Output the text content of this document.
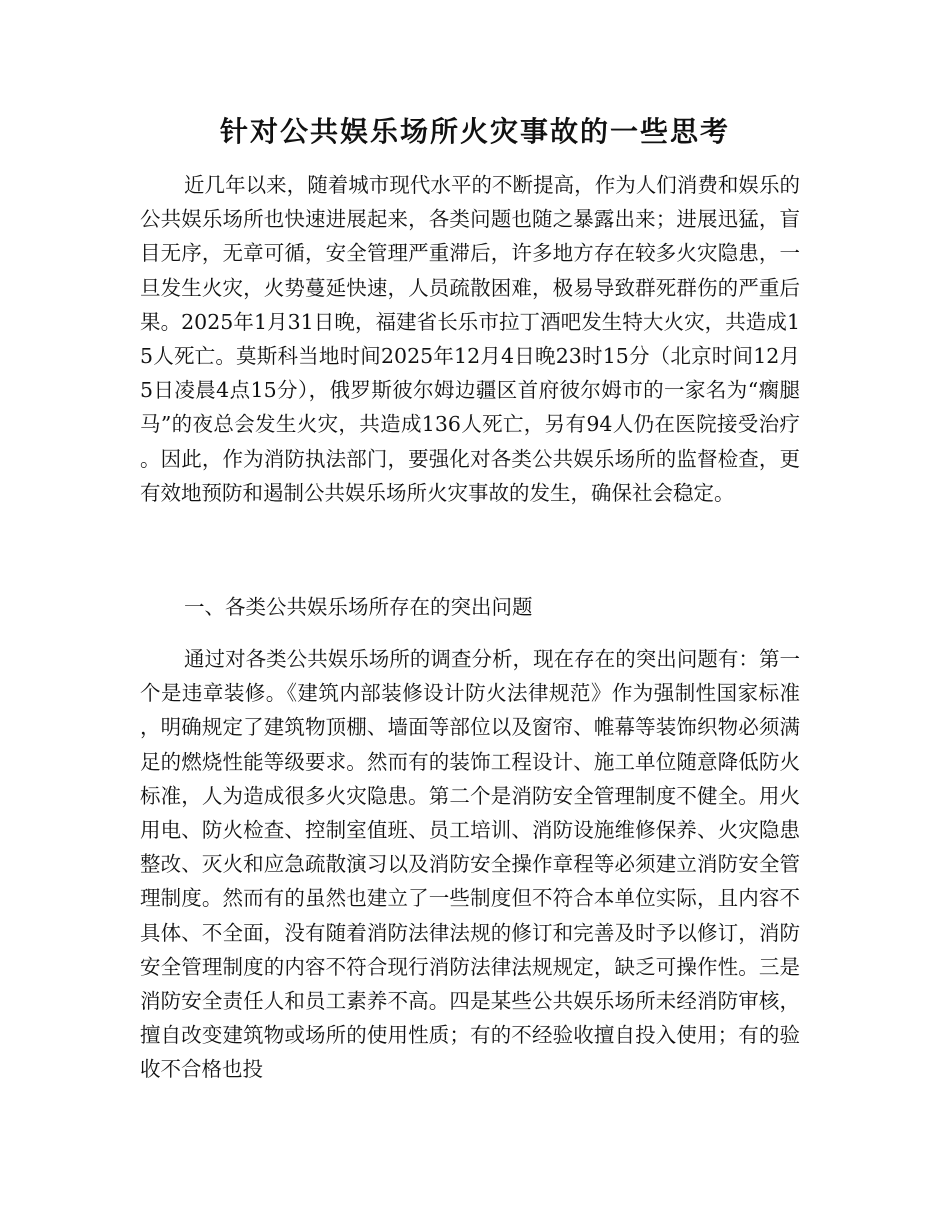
针对公共娱乐场所火灾事故的一些思考

近几年以来，随着城市现代水平的不断提高，作为人们消费和娱乐的公共娱乐场所也快速进展起来，各类问题也随之暴露出来；进展迅猛，盲目无序，无章可循，安全管理严重滞后，许多地方存在较多火灾隐患，一旦发生火灾，火势蔓延快速，人员疏散困难，极易导致群死群伤的严重后果。2025年1月31日晚，福建省长乐市拉丁酒吧发生特大火灾，共造成15人死亡。莫斯科当地时间2025年12月4日晚23时15分（北京时间12月5日凌晨4点15分），俄罗斯彼尔姆边疆区首府彼尔姆市的一家名为“瘸腿马”的夜总会发生火灾，共造成136人死亡，另有94人仍在医院接受治疗。因此，作为消防执法部门，要强化对各类公共娱乐场所的监督检查，更有效地预防和遏制公共娱乐场所火灾事故的发生，确保社会稳定。

一、各类公共娱乐场所存在的突出问题

通过对各类公共娱乐场所的调查分析，现在存在的突出问题有：第一个是违章装修。《建筑内部装修设计防火法律规范》作为强制性国家标准，明确规定了建筑物顶棚、墙面等部位以及窗帘、帷幕等装饰织物必须满足的燃烧性能等级要求。然而有的装饰工程设计、施工单位随意降低防火标准，人为造成很多火灾隐患。第二个是消防安全管理制度不健全。用火用电、防火检查、控制室值班、员工培训、消防设施维修保养、火灾隐患整改、灭火和应急疏散演习以及消防安全操作章程等必须建立消防安全管理制度。然而有的虽然也建立了一些制度但不符合本单位实际，且内容不具体、不全面，没有随着消防法律法规的修订和完善及时予以修订，消防安全管理制度的内容不符合现行消防法律法规规定，缺乏可操作性。三是消防安全责任人和员工素养不高。四是某些公共娱乐场所未经消防审核，擅自改变建筑物或场所的使用性质；有的不经验收擅自投入使用；有的验收不合格也投
